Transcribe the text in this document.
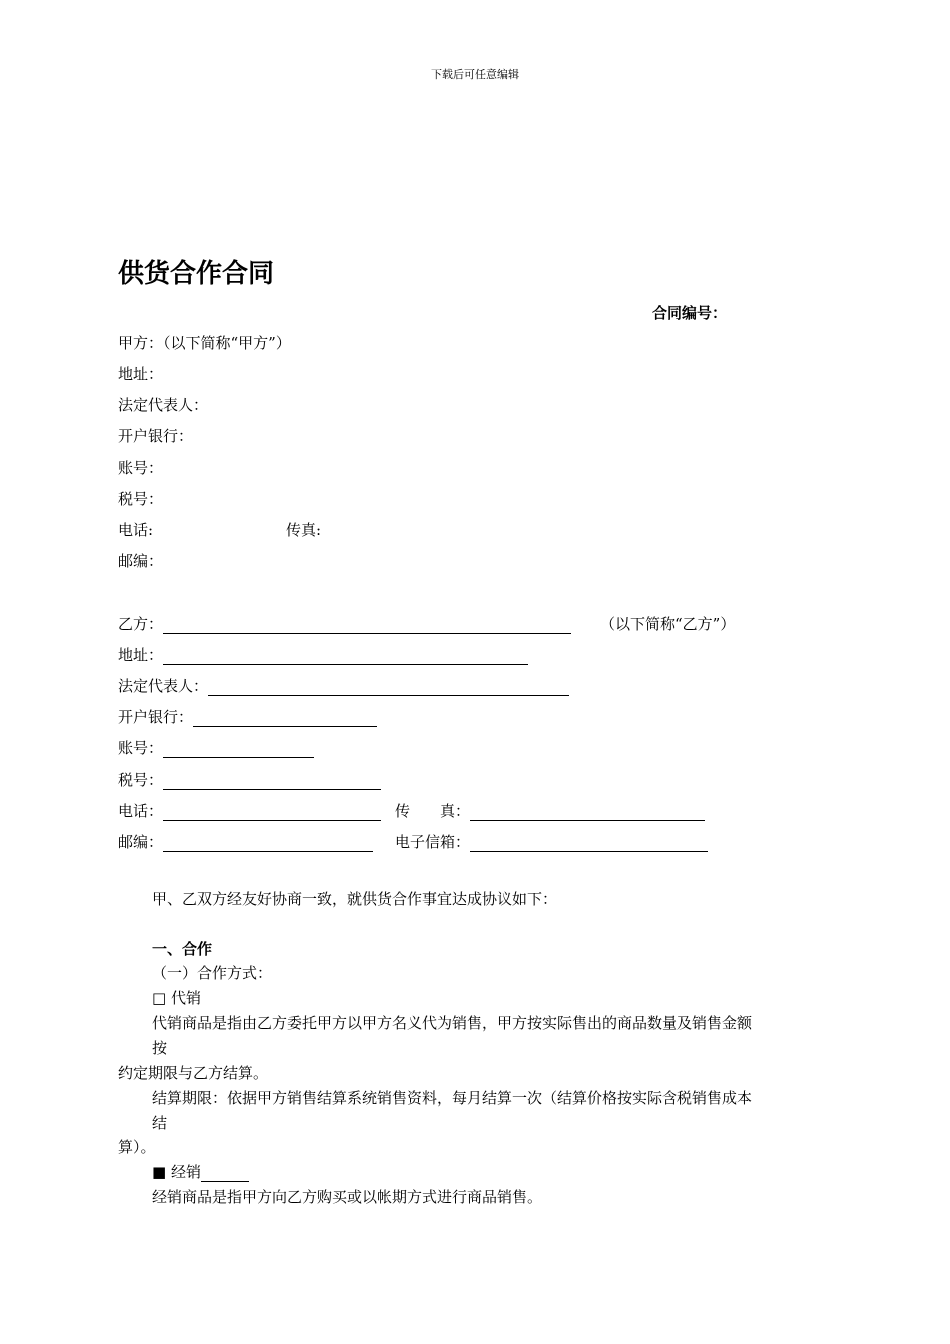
下载后可任意编辑
供货合作合同
合同编号：
甲方：（以下简称“甲方”）
地址：
法定代表人：
开户银行：
账号：
税号：
电话:	传真:
邮编：
乙方：	（以下简称“乙方”）
地址：
法定代表人：
开户银行：
账号：
税号：
电话：	传　　真：
邮编：	电子信箱：
甲、乙双方经友好协商一致，就供货合作事宜达成协议如下：
一、合作
（一）合作方式：
□ 代销
代销商品是指由乙方委托甲方以甲方名义代为销售，甲方按实际售出的商品数量及销售金额
按
约定期限与乙方结算。
结算期限：依据甲方销售结算系统销售资料，每月结算一次（结算价格按实际含税销售成本
结
算）。
■ 经销
经销商品是指甲方向乙方购买或以帐期方式进行商品销售。
